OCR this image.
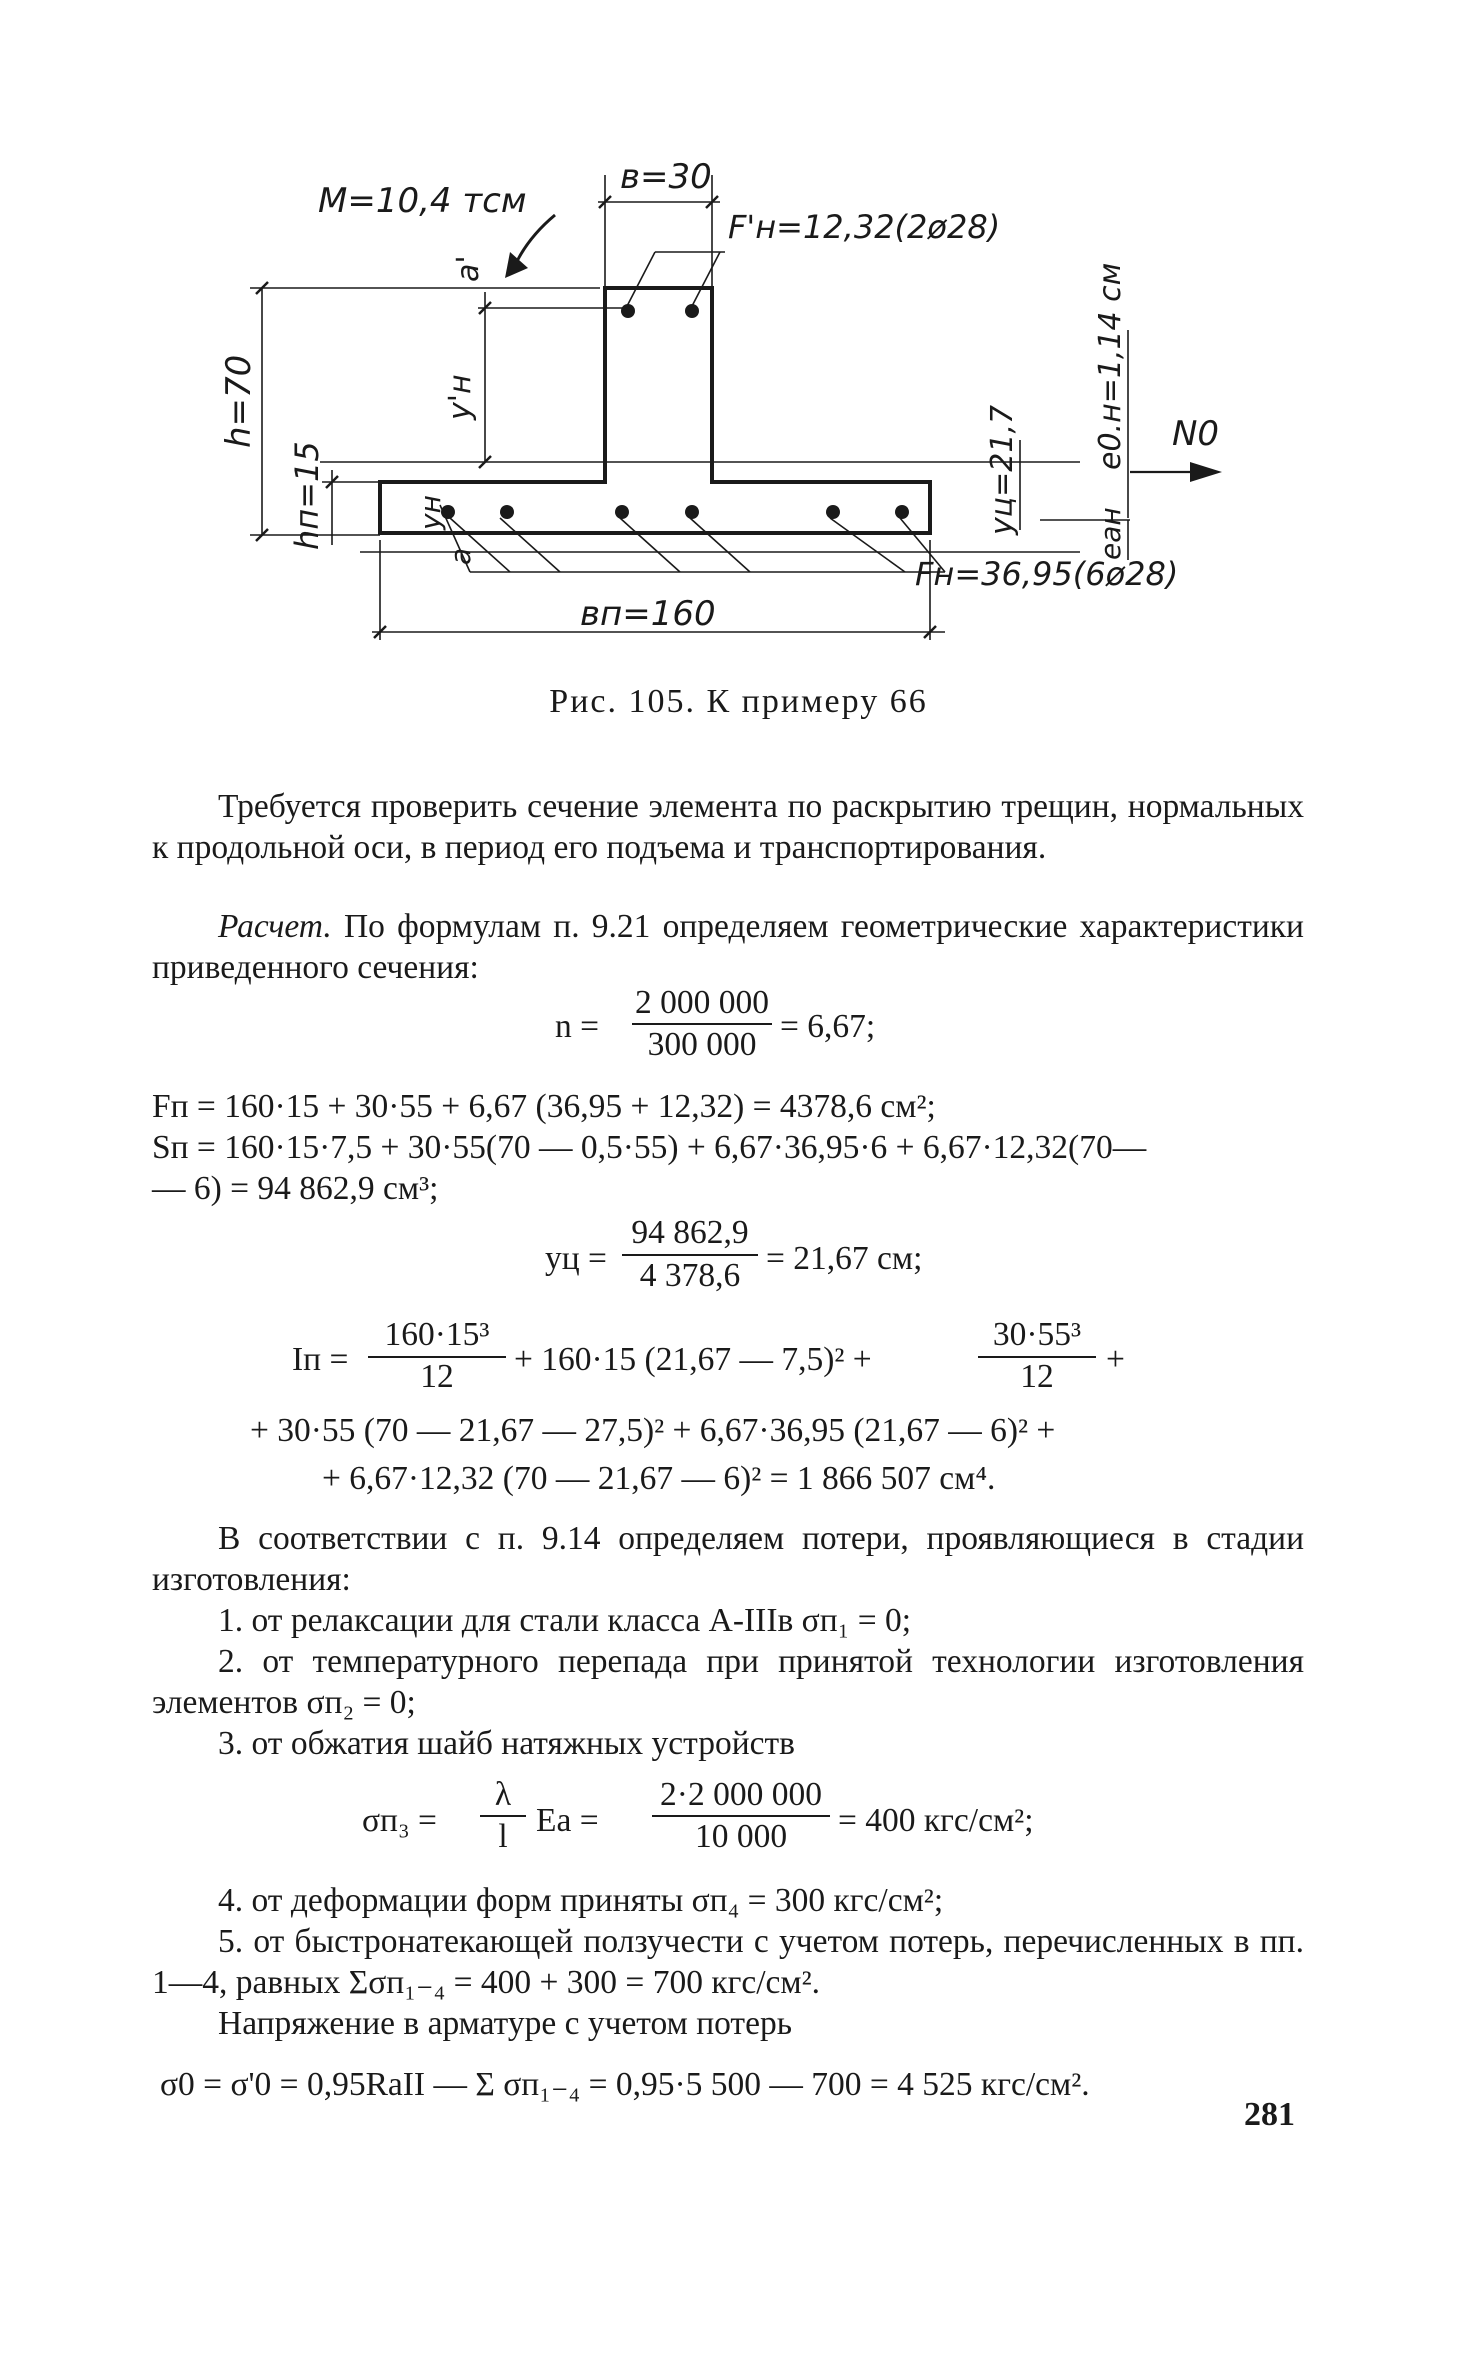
M=10,4 тсм
в=30
F'н=12,32(2ø28)
a'
y'н
h=70
hп=15	yн
a
yц=21,7 e0.н=1,14 см
eан
N0
Fн=36,95(6ø28)
вп=160
Рис. 105. К примеру 66
Требуется проверить сечение элемента по раскрытию трещин, нормальных к продольной оси, в период его подъема и транспортирования.
Расчет. По формулам п. 9.21 определяем геометрические характеристики приведенного сечения:
n =
2 000 000
300 000 = 6,67;
Fп = 160·15 + 30·55 + 6,67 (36,95 + 12,32) = 4378,6 см²;
Sп = 160·15·7,5 + 30·55(70 — 0,5·55) + 6,67·36,95·6 + 6,67·12,32(70—
— 6) = 94 862,9 см³;
yц =
94 862,9
4 378,6 = 21,67 см;
Iп =
160·15³
12	+ 160·15 (21,67 — 7,5)² +
30·55³
12	+
+ 30·55 (70 — 21,67 — 27,5)² + 6,67·36,95 (21,67 — 6)² +
+ 6,67·12,32 (70 — 21,67 — 6)² = 1 866 507 см⁴.
В соответствии с п. 9.14 определяем потери, проявляющиеся в стадии изготовления:
1. от релаксации для стали класса А-IIIв σп₁ = 0;
2. от температурного перепада при принятой технологии изготовления элементов σп₂ = 0;
3. от обжатия шайб натяжных устройств
σп₃ =
λ
l Eа =
2·2 000 000
10 000	= 400 кгс/см²;
4. от деформации форм приняты σп₄ = 300 кгс/см²;
5. от быстронатекающей ползучести с учетом потерь, перечисленных в пп. 1—4, равных Σσп₁₋₄ = 400 + 300 = 700 кгс/см².
Напряжение в арматуре с учетом потерь
σ0 = σ'0 = 0,95RаII — Σ σп₁₋₄ = 0,95·5 500 — 700 = 4 525 кгс/см².
281
